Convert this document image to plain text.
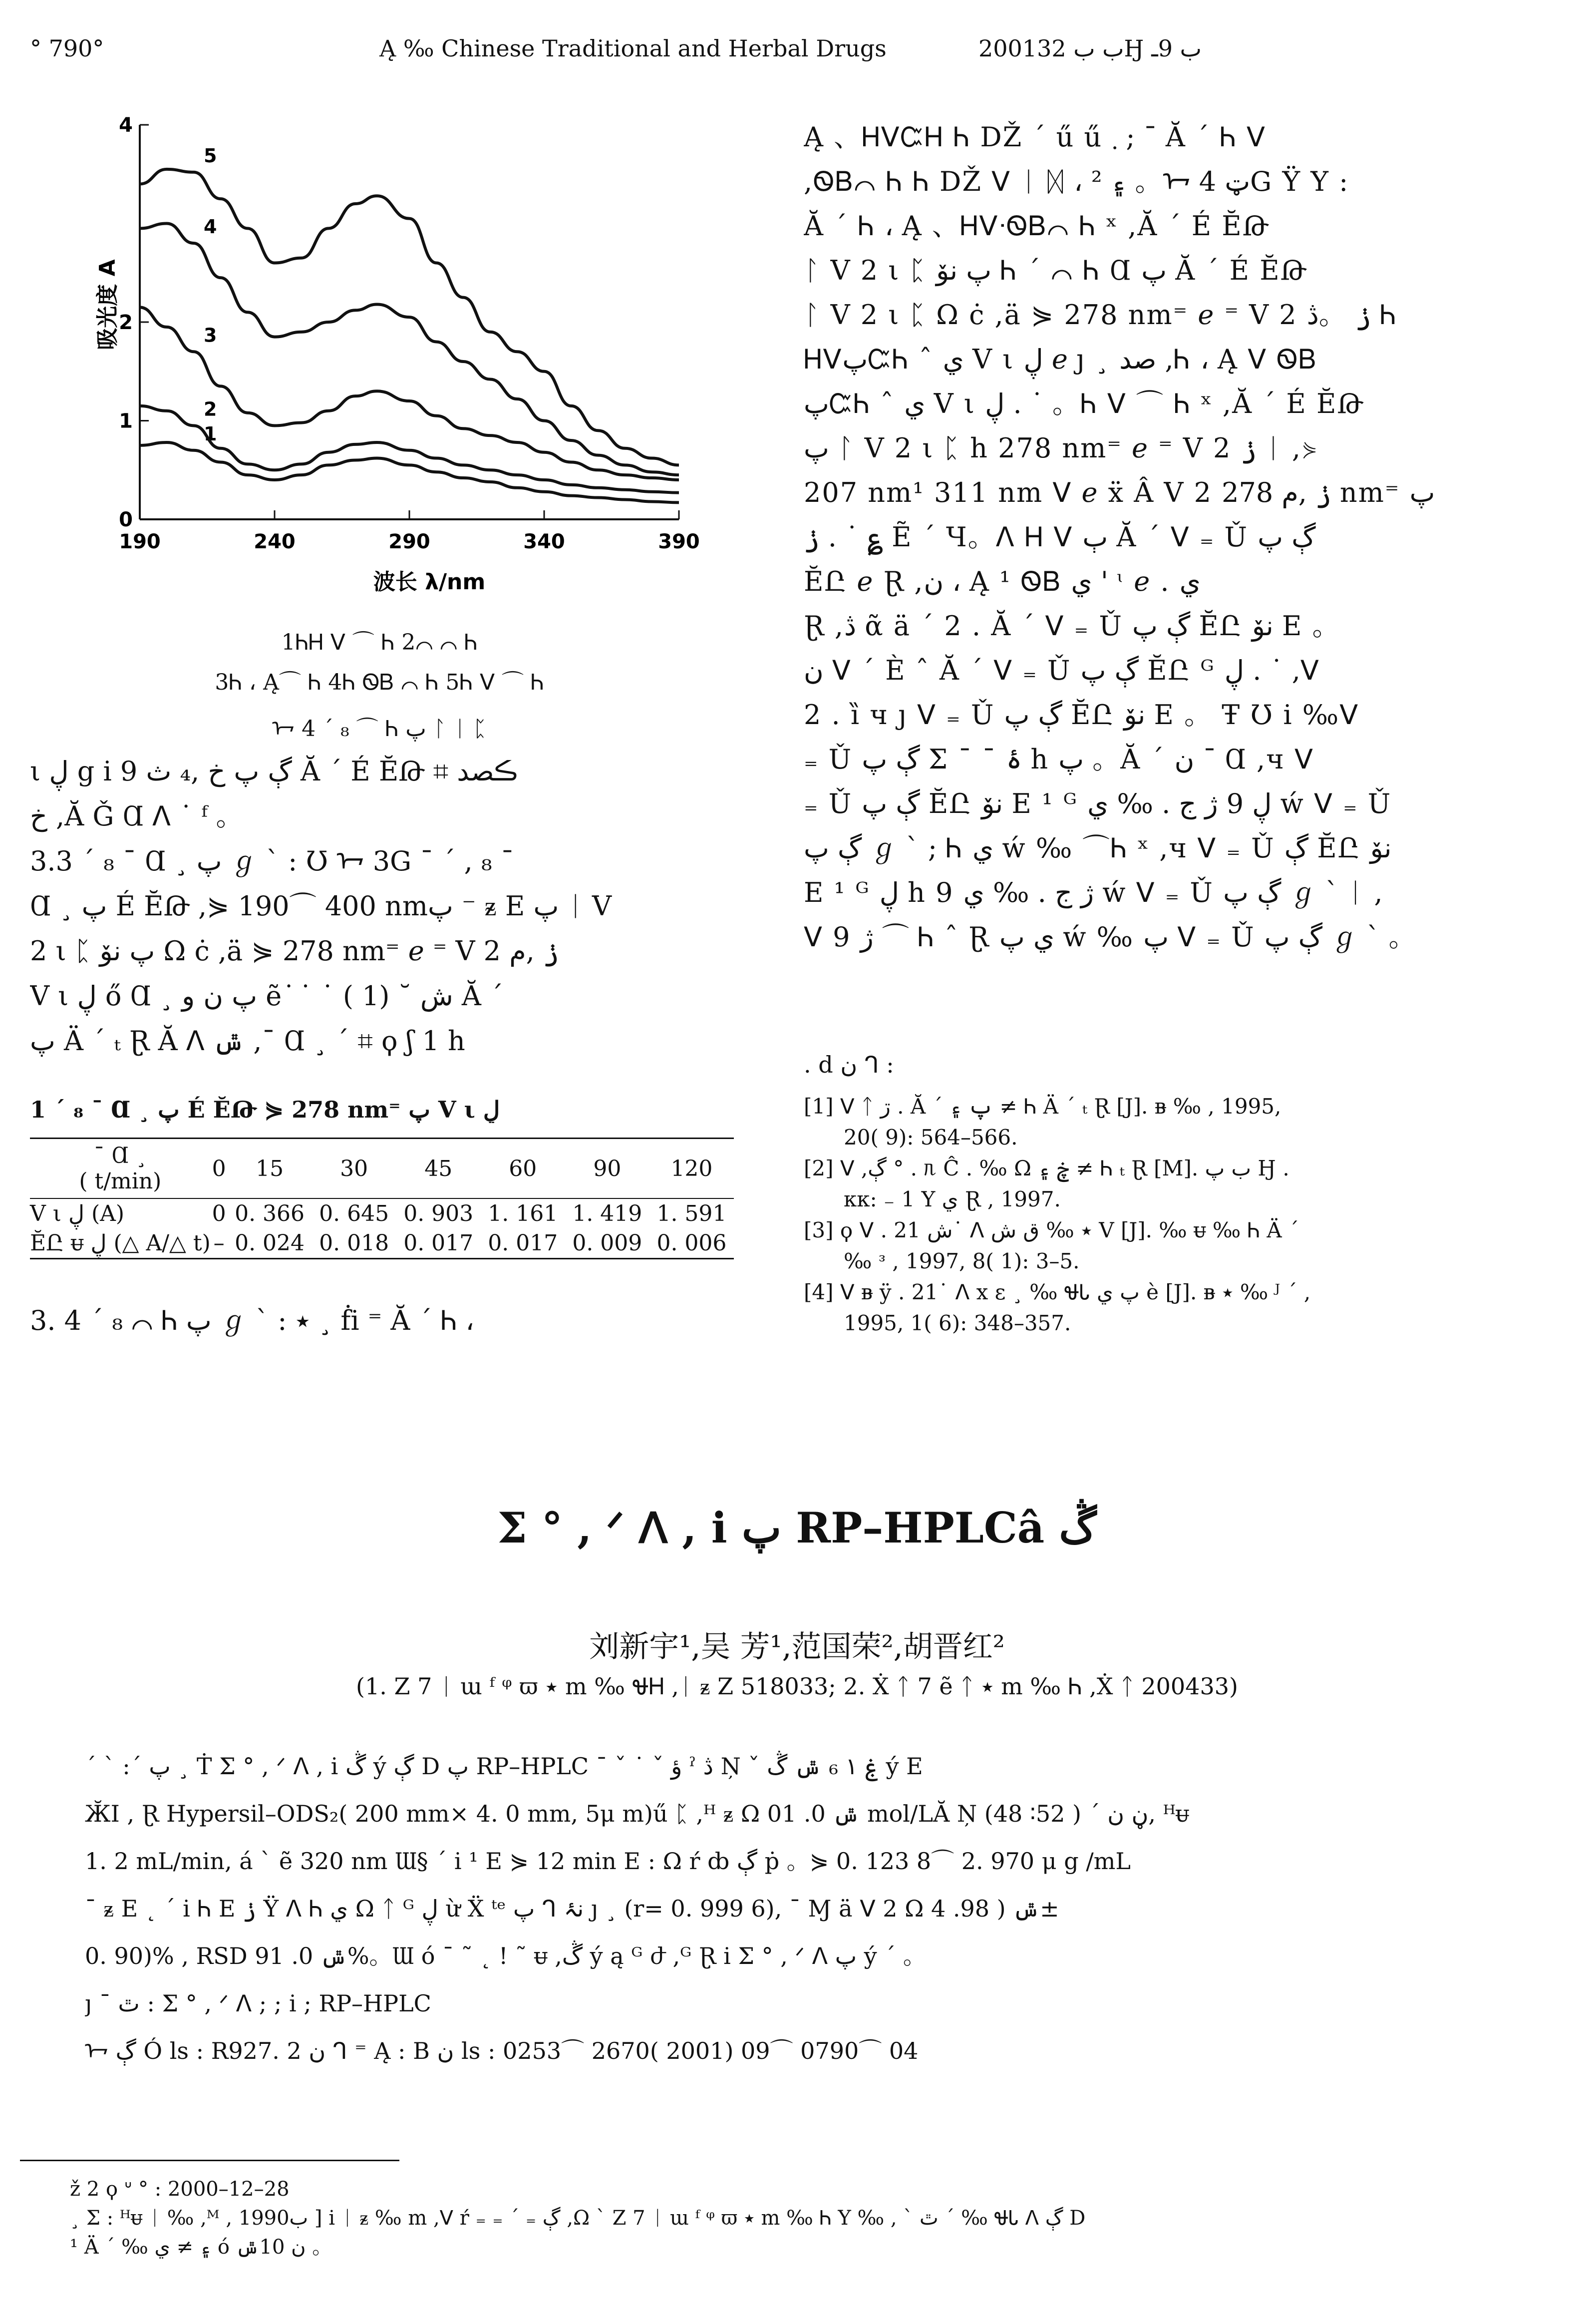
° 790°	Ą ‰ Chinese Traditional and Herbal Drugs	2001ب ب 32Ӈ ب 9ـ
吸光度 A
波长 λ/nm
190	240	290	340	390
0
1
2
4
1
2
3
4
5
1ᏂᎻ ᐯ ⌒ Ꮒ 2⌒ ⌒ Ꮒ
3Ꮒ ، Ą⌒ Ꮒ 4Ꮒ ᏫᏴ ⌒ Ꮒ 5Ꮒ ᐯ ⌒ Ꮒ
ᢇ 4 ´ ₈ ⌒ Ꮒ پ ᛚ ᛁ ᛈ
ι ڸ g i 9 ڳ پ خ ,₄ ث Ă ´ É ӖԹ ⌗ ڪصد
خ ,Ă Ǧ Ɑ ᐱ ˙ ᶠ 。
3.3 ´ ₈ ¯ Ɑ ¸ پ ℊ ˋ : Ʊ ᢇ 3G ¯ ´ , ₈ ¯
Ɑ ¸ پ É ӖԹ ,⋟ 190⌒ 400 nmپ ⁻ ᵶ E پ ᛁ V
2 ι ᛈ پ نۆ Ω ċ ,ä ⋟ 278 nm⁼ ℯ ⁼ V 2 ݫ ,م
V ι ڸ ő Ɑ ¸ پ ن و ẽ ͘ ˙ ˙ ( 1) ˘ ش Ă ´
پ Ä ´ ₜ Ɽ Ă ᐱ ݜ ,¯ Ɑ ¸ ´ ⌗ ϙ ʃ 1 h
1 ´ ₈ ¯ Ɑ ¸ پ É ӖԹ ⋟ 278 nm⁼ پ V ι ڸ
¯ Ɑ ¸
( t/min)	0	15	30	45	60	90	120
V ι ڸ (A)	0	0. 366	0. 645	0. 903	1. 161	1. 419	1. 591
ӖԸ ᵾ ڸ (△ A/△ t)	–	0. 024	0. 018	0. 017	0. 017	0. 009	0. 006
3. 4 ´ ₈ ⌒ Ꮒ پ ℊ ˋ : ٭ ¸ ḟi ⁼ Ă ´ Ꮒ ،
Ą 、ᎻᐯᏨᎻ Ꮒ DŽ ˊ ű ű ܂ ; ¯ Ă ´ Ꮒ ᐯ
,ᏫᏴ⌒ Ꮒ Ꮒ DŽ ᐯ ᛁ ᛞ ، ۽ ² 。ᢇ ټ 4G Ÿ Y :
Ă ´ Ꮒ ، Ą 、ᎻᐯᐧᏫᏴ⌒ Ꮒ ˣ ,Ă ´ É ӖԹ
ᛚ V 2 ι ᛈ پ نۆ Ꮒ ´ ⌒ Ꮒ Ɑ پ Ă ´ É ӖԹ
ᛚ V 2 ι ᛈ Ω ċ ,ä ⋟ 278 nm⁼ ℯ ⁼ V 2 ݫ 。ڎ Ꮒ
ᎻᐯپᏨᏂ ˆ ي V ι ڸ ℯ ȷ ¸ صد ,Ꮒ ، Ą ᐯ ᏫᏴ
پᏨᏂ ˆ ي V ι ڸ . ˙ 。Ꮒ ᐯ ⌒ Ꮒ ˣ ,Ă ´ É ӖԹ
پ ᛚ V 2 ι ᛈ h 278 nm⁼ ℯ ⁼ V 2 ݫ ᛁ ,⋟
207 nm¹ 311 nm ᐯ ℯ ẍ Â V 2 ݫ ,م 278 nm⁼ پ
ݫ . ˙ ؏ Ẽ ´ Ч。ᐱ Ꮋ ᐯ ٻ Ă ´ ᐯ ₌ Ǔ ڳ پ
ӖԸ ℯ Ɽ ,ن ، Ą ¹ ᏫᏴ ي ' ᶥ ℯ . ي
Ɽ ,ڎ ᾶ ä ´ 2 . Ă ´ ᐯ ₌ Ǔ ڳ پ ӖԸ نۆ E 。
ن ᐯ ´ È ˆ Ă ´ ᐯ ₌ Ǔ ڳ پ ӖԸ ᴳ ڸ . ˙ ,ᐯ
2 . ȉ ч ȷ ᐯ ₌ Ǔ ڳ پ ӖԸ نۆ E 。 Ŧ Ʊ i ‰ᐯ
₌ Ǔ ڳ پ Σ ¯ ¯ ۂ h پ 。Ă ´ ن ¯ Ɑ ,ч ᐯ
₌ Ǔ ڳ پ ӖԸ نۆ E ¹ ᴳ ڸ 9 ژ ج . ‰ ي ẃ ᐯ ₌ Ǔ
ڳ پ ℊ ˋ ; Ꮒ ي ẃ ‰ ⌒Ꮒ ˣ ,ч ᐯ ₌ Ǔ ڳ ӖԸ نۆ
E ¹ ᴳ ڸ h 9 ژ ج . ‰ ي ẃ ᐯ ₌ Ǔ ڳ پ ℊ ˋ ᛁ ,
ᐯ 9 ژ ⌒ Ꮒ ˆ Ɽ ي پ ẃ ‰ پ ᐯ ₌ Ǔ ڳ پ ℊ ˋ 。
. d ن ᒉ :
[1] ᐯ ᛏ ڗ . Ă ´ پ ۽ ≠ Ꮒ Ä ´ ₜ Ɽ [J]. ᴃ ‰ , 1995,
20( 9): 564–566.
[2] ᐯ ,ڳ ° . ᥰ Ĉ . ‰ Ω ڿ ۽ ≠ Ꮒ ₜ Ɽ [M]. ب پ Ӈ .
ᴋᴋ: ₋ 1 Y ي Ɽ , 1997.
[3] ϙ ᐯ . ش 21˙ ᐱ ٭ ‰ ق ش V [J]. ‰ ᵾ ‰ Ꮒ Ä ´
‰ ᶟ , 1997, 8( 1): 3–5.
[4] ᐯ ᴃ ÿ . 21˙ ᐱ x ɛ ¸ ‰ ᏠᏓ پ ي è [J]. ᴃ ٭ ‰ ᴶ ˊ ,
1995, 1( 6): 348–357.
Σ ° , ᐟ ᐱ , i پ RP–HPLCâ ڴ
刘新宇¹,吴 芳¹,范国荣²,胡晋红²
(1. Z 7 ᛁ ɯ ᶠ ᵠ ϖ ٭ m ‰ ᏠᎻ ,ᛁ ᵶ Z 518033; 2. Ẋ ᛏ 7 ẽ ᛏ ٭ m ‰ Ꮒ ,Ẋ ᛏ 200433)
ˊ ˋ :ˊ پ ¸ Ṫ Σ ° , ᐟ ᐱ , i ڴ ý ڳ D پ RP–HPLC ˉ ˇ ˙ ˇ ؤ ˀ ڎ Ņ ˇ ۼ ١ ₆ ݜ ڴ ý E
ӁӀ , Ɽ Hypersil–ODS₂( 200 mm× 4. 0 mm, 5μ m)ű ᛈ ,ᴴ ᵶ Ω ݜ 0. 01 mol/LĂ Ņ ڼ ن ˊ ( 52∶ 48), ᴴᵾ
1. 2 mL/min, á ˋ ẽ 320 nm Ɯ§ ˊ i ¹ E ⋟ 12 min E : Ω ŕ ȸ ڳ ṗ 。⋟ 0. 123 8⌒ 2. 970 μ g /mL
ˉ ᵶ E ˛ ˊ i Ꮒ E ݫ Ÿ ᐱ Ꮒ ي Ω ᛏ ᴳ ڸ ừ Ẍ ᵗᵉ پ ᒉ نۂ ȷ ¸ (r= 0. 999 6), ˉ Ɱ ä ᐯ 2 Ω ݜ ( 98. 4±
0. 90)% , RSD ݜ 0. 91%。Ɯ ó ˉ ˜ ˛ ! ˜ ᵾ ,ڴ ý ą ᴳ ժ ,ᴳ Ɽ i Σ ° , ᐟ ᐱ پ ý ´ 。
ȷ ¯ ٿ : Σ ° , ᐟ ᐱ ; ; i ; RP–HPLC
ᢇ ڳ Ó ls : R927. 2 ن ᒉ ⁼ Ą : B ن ls : 0253⌒ 2670( 2001) 09⌒ 0790⌒ 04
ž 2 ϙ ᐡ ° : 2000–12–28
¸ Σ : ᴴᵾ ᛁ ‰ ,ᴹ , 1990ب ] i ᛁ ᵶ ‰ m ,ᐯ ŕ ₌ ₌ ˊ ₌ ڳ ,Ω ˋ Z 7 ᛁ ɯ ᶠ ᵠ ϖ ٭ m ‰ Ꮒ Y ‰ , ˋ ٿ ˊ ‰ ᏠᏓ ᐱ ڳ D
¹ Ä ´ ‰ ۽ ≠ ي ó ن 10ݜ 。
